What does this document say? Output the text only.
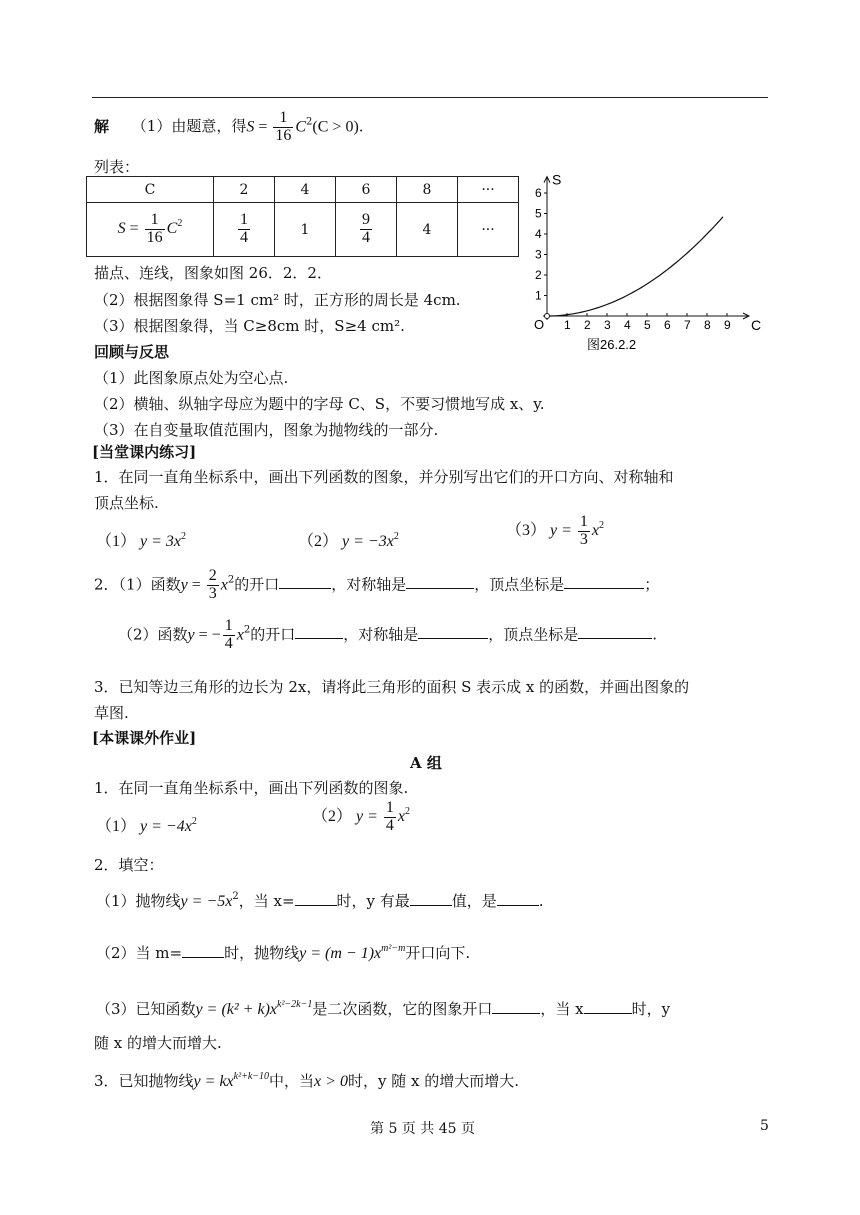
解 （1）由题意，得$S = \frac{1}{16} C^2(C > 0)$.
列表：
C	2	4	6	8	···
$S = \frac{1}{16} C^2$	$\frac{1}{4}$	1	$\frac{9}{4}$	4	···
1
2
3
4
5
6
1 2 3 4 5 6 7 8 9
S
C
O
图26.2.2
描点、连线，图象如图 26．2．2．
（2）根据图象得 S=1 cm² 时，正方形的周长是 4cm.
（3）根据图象得，当 C≥8cm 时，S≥4 cm².
回顾与反思
（1）此图象原点处为空心点.
（2）横轴、纵轴字母应为题中的字母 C、S，不要习惯地写成 x、y.
（3）在自变量取值范围内，图象为抛物线的一部分.
[当堂课内练习]
1．在同一直角坐标系中，画出下列函数的图象，并分别写出它们的开口方向、对称轴和
顶点坐标.
（1） $y = 3x^2$	（2） $y = -3x^2$	（3） $y = \frac{1}{3} x^2$
2．（1）函数$y = \frac{2}{3} x^2$的开口	，对称轴是	，顶点坐标是	；
（2）函数y = − $\frac{1}{4} x^2$的开口	，对称轴是	，顶点坐标是	.
3．已知等边三角形的边长为 2x，请将此三角形的面积 S 表示成 x 的函数，并画出图象的
草图.
[本课课外作业]
A 组
1．在同一直角坐标系中，画出下列函数的图象.
（1） $y = -4x^2$	（2） $y = \frac{1}{4} x^2$
2．填空：
（1）抛物线$y = -5x^2$，当 x=	时，y 有最	值，是	.
（2）当 m=	时，抛物线$y = (m - 1)x^{m^2-m}$开口向下.
（3）已知函数$y = (k^2 + k)x^{k^2-2k-1}$是二次函数，它的图象开口	，当 x	时，y
随 x 的增大而增大.
3．已知抛物线$y = kx^{k^2+k-10}$中，当x > 0时，y 随 x 的增大而增大.
第 5 页 共 45 页	5
